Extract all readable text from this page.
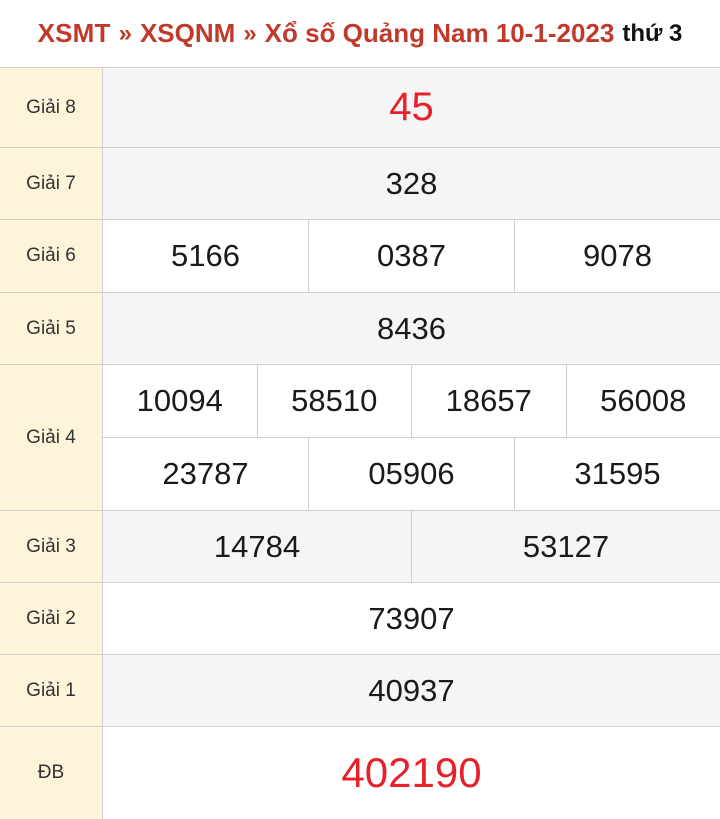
XSMT » XSQNM » Xổ số Quảng Nam 10-1-2023 thứ 3
Giải 8	45
Giải 7	328
Giải 6	5166	0387	9078
Giải 5	8436
Giải 4
10094	58510	18657	56008
23787	05906	31595
Giải 3	14784	53127
Giải 2	73907
Giải 1	40937
ĐB	402190
